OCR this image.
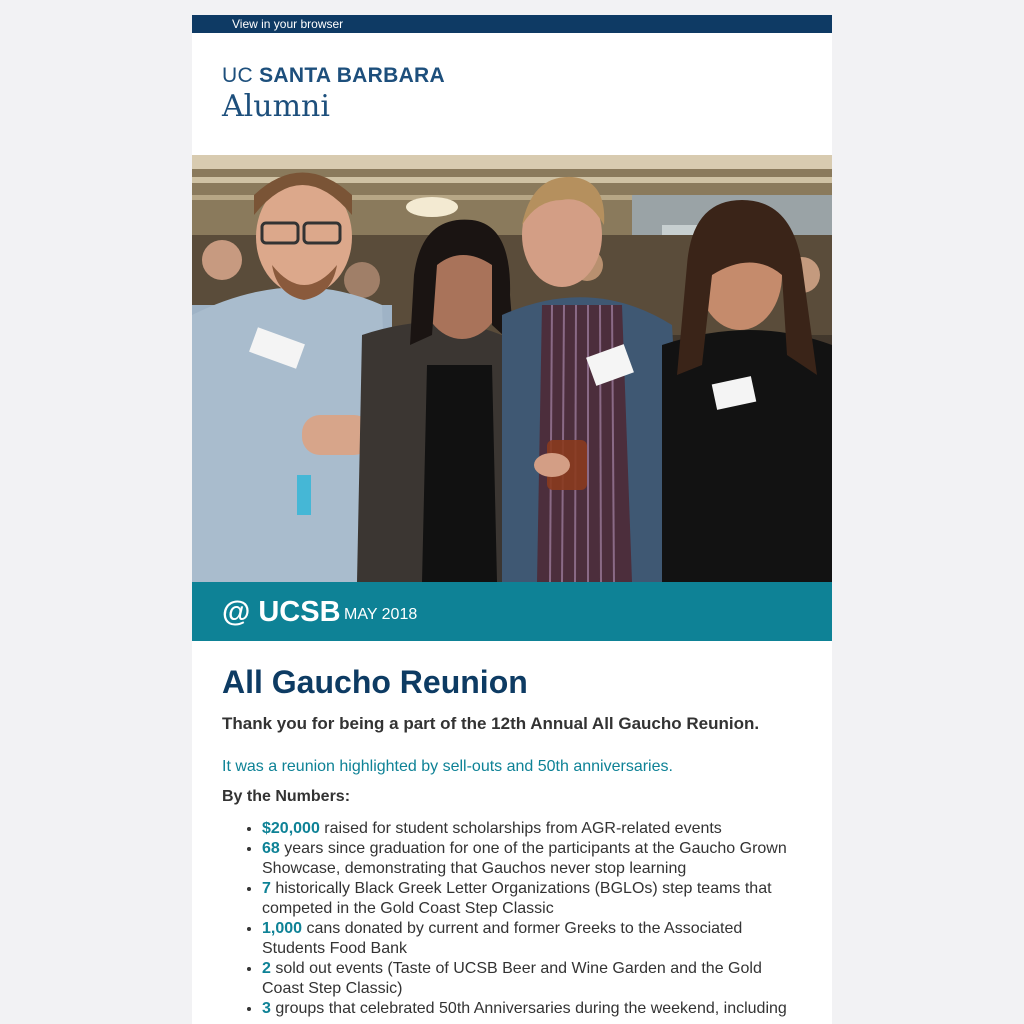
View in your browser
UC SANTA BARBARA
Alumni
@ UCSB MAY 2018
All Gaucho Reunion

Thank you for being a part of the 12th Annual All Gaucho Reunion.

It was a reunion highlighted by sell-outs and 50th anniversaries.

By the Numbers:

• $20,000 raised for student scholarships from AGR-related events
• 68 years since graduation for one of the participants at the Gaucho Grown Showcase, demonstrating that Gauchos never stop learning
• 7 historically Black Greek Letter Organizations (BGLOs) step teams that competed in the Gold Coast Step Classic
• 1,000 cans donated by current and former Greeks to the Associated Students Food Bank
• 2 sold out events (Taste of UCSB Beer and Wine Garden and the Gold Coast Step Classic)
• 3 groups that celebrated 50th Anniversaries during the weekend, including
